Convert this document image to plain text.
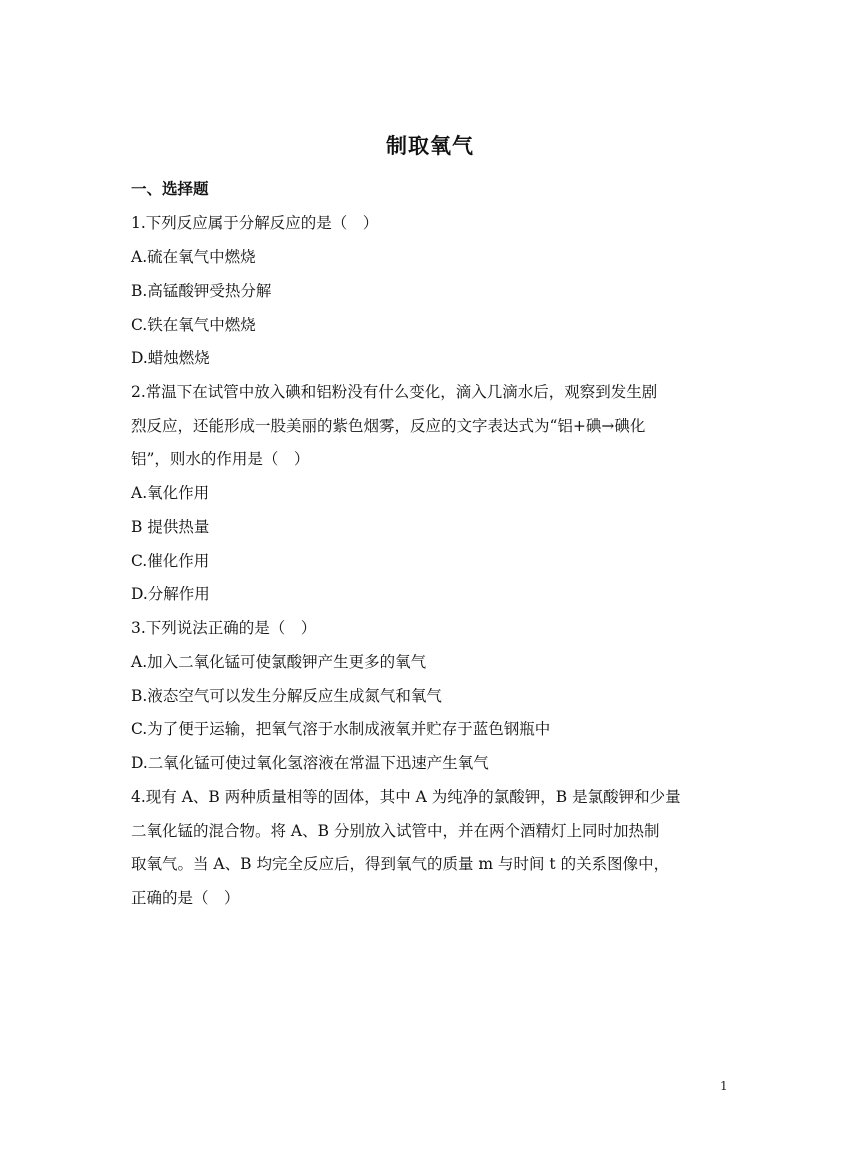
制取氧气
一、选择题
1.下列反应属于分解反应的是（　）
A.硫在氧气中燃烧
B.高锰酸钾受热分解
C.铁在氧气中燃烧
D.蜡烛燃烧
2.常温下在试管中放入碘和铝粉没有什么变化，滴入几滴水后，观察到发生剧
烈反应，还能形成一股美丽的紫色烟雾，反应的文字表达式为“铝+碘→碘化
铝”，则水的作用是（　）
A.氧化作用
B 提供热量
C.催化作用
D.分解作用
3.下列说法正确的是（　）
A.加入二氧化锰可使氯酸钾产生更多的氧气
B.液态空气可以发生分解反应生成氮气和氧气
C.为了便于运输，把氧气溶于水制成液氧并贮存于蓝色钢瓶中
D.二氧化锰可使过氧化氢溶液在常温下迅速产生氧气
4.现有 A、B 两种质量相等的固体，其中 A 为纯净的氯酸钾，B 是氯酸钾和少量
二氧化锰的混合物。将 A、B 分别放入试管中，并在两个酒精灯上同时加热制
取氧气。当 A、B 均完全反应后，得到氧气的质量 m 与时间 t 的关系图像中，
正确的是（　）
1
